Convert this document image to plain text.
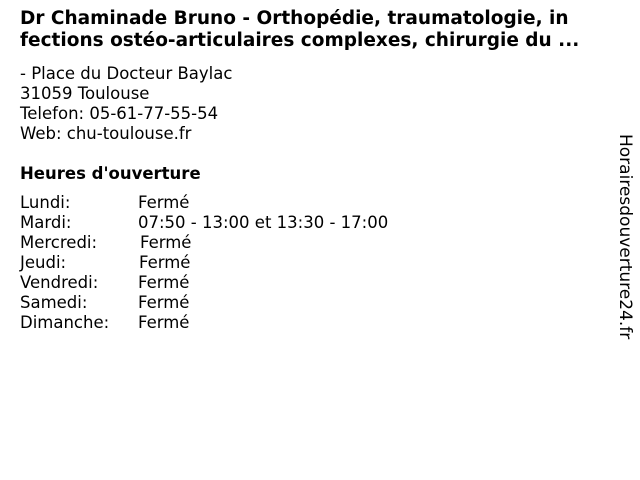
Dr Chaminade Bruno - Orthopédie, traumatologie, in
fections ostéo-articulaires complexes, chirurgie du ...
- Place du Docteur Baylac
31059 Toulouse
Telefon: 05-61-77-55-54
Web: chu-toulouse.fr
Heures d'ouverture
Lundi:	Fermé
Mardi:	07:50 - 13:00 et 13:30 - 17:00
Mercredi:	Fermé
Jeudi:	Fermé
Vendredi: Fermé
Samedi:	Fermé
Dimanche: Fermé	Horairesdouverture24.fr
